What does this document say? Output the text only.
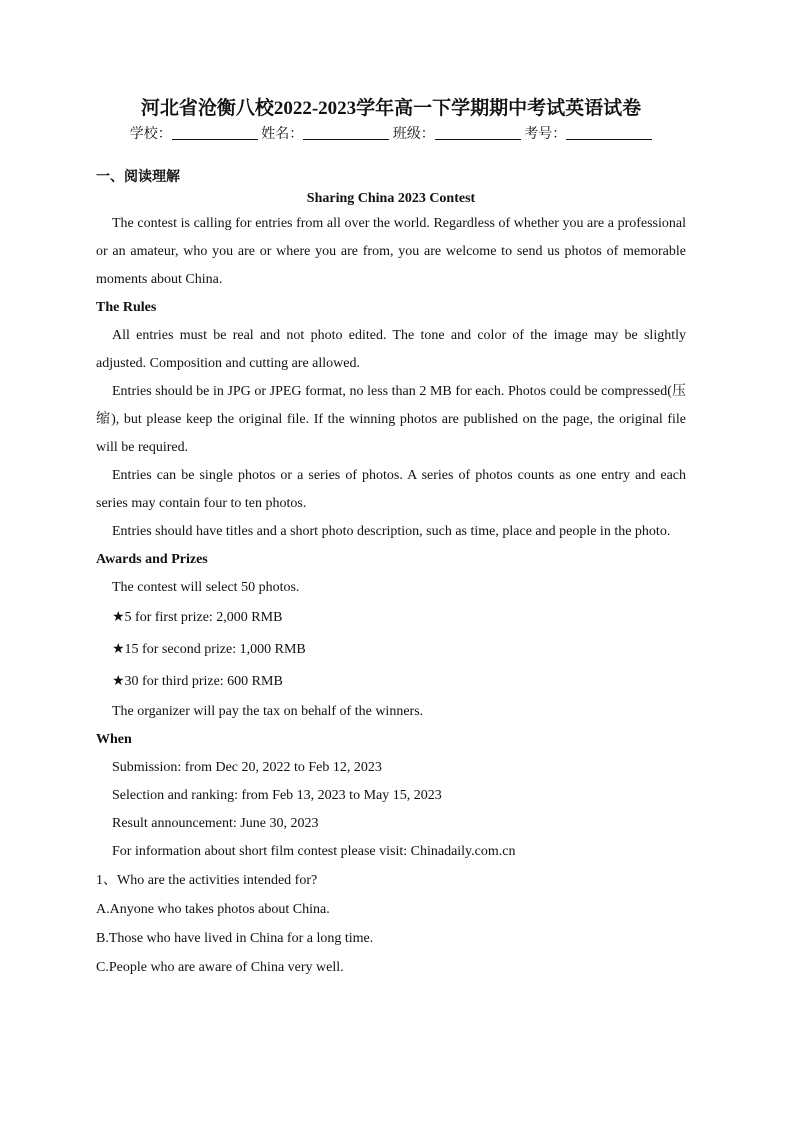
河北省沧衡八校2022-2023学年高一下学期期中考试英语试卷
学校：	姓名：	班级：	考号：
一、阅读理解
Sharing China 2023 Contest

The contest is calling for entries from all over the world. Regardless of whether you are a professional or an amateur, who you are or where you are from, you are welcome to send us photos of memorable moments about China.

The Rules

All entries must be real and not photo edited. The tone and color of the image may be slightly adjusted. Composition and cutting are allowed.

Entries should be in JPG or JPEG format, no less than 2 MB for each. Photos could be compressed(压缩), but please keep the original file. If the winning photos are published on the page, the original file will be required.

Entries can be single photos or a series of photos. A series of photos counts as one entry and each series may contain four to ten photos.

Entries should have titles and a short photo description, such as time, place and people in the photo.

Awards and Prizes

The contest will select 50 photos.

★5 for first prize: 2,000 RMB

★15 for second prize: 1,000 RMB

★30 for third prize: 600 RMB

The organizer will pay the tax on behalf of the winners.

When

Submission: from Dec 20, 2022 to Feb 12, 2023

Selection and ranking: from Feb 13, 2023 to May 15, 2023

Result announcement: June 30, 2023

For information about short film contest please visit: Chinadaily.com.cn

1、Who are the activities intended for?

A.Anyone who takes photos about China.

B.Those who have lived in China for a long time.

C.People who are aware of China very well.
